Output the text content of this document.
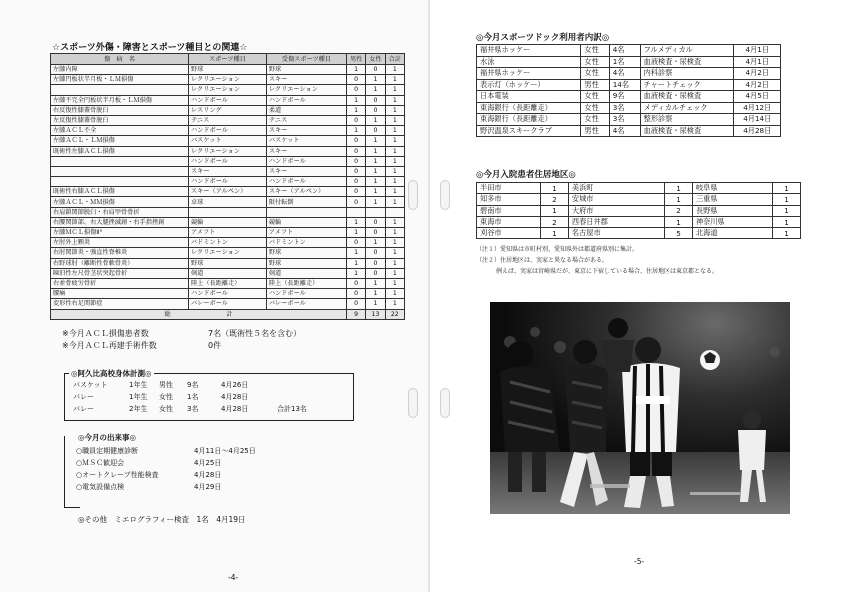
☆スポーツ外傷・障害とスポーツ種目との関連☆
傷　病　名	スポーツ種目	受傷スポーツ種目	男性	女性	合計
左膝内障	野球	野球	1	0	1
左膝円板状半月板・ＬＭ損傷	レクリエーション	スキー	0	1	1
	レクリエーション	レクリエーション	0	1	1
左膝不完全円板状半月板・ＬＭ損傷	ハンドボール	ハンドボール	1	0	1
右反復性膝蓋骨脱臼	レスリング	柔道	1	0	1
左反復性膝蓋骨脱臼	テニス	テニス	0	1	1
左膝ＡＣＬ不全	ハンドボール	スキー	1	0	1
左膝ＡＣＬ・ＬＭ損傷	バスケット	バスケット	0	1	1
既術性左膝ＡＣＬ損傷	レクリエーション	スキー	0	1	1
	ハンドボール	ハンドボール	0	1	1
	スキー	スキー	0	1	1
	ハンドボール	ハンドボール	0	1	1
既術性右膝ＡＣＬ損傷	スキー（アルペン）	スキー（アルペン）	0	1	1
左膝ＡＣＬ・ＭＭ損傷	卓球	限付転倒	0	1	1
右肩鎖関節脱臼・右肩甲骨骨折					
右腰関節部、右大腿挫滅創・右手指挫創	競輪	競輪	1	0	1
左膝ＭＣＬ損傷Ⅱ°	アメフト	アメフト	1	0	1
左肘外上顆炎	バドミントン	バドミントン	0	1	1
右肘関節炎・強直性脊椎炎	レクリエーション	野球	1	0	1
右野球肘（離断性骨軟骨炎）	野球	野球	1	0	1
陳旧性左尺骨茎状突起骨折	剣道	剣道	1	0	1
右並骨疲労骨折	陸上（長距離走）	陸上（長距離走）	0	1	1
腰痛	ハンドボール	ハンドボール	0	1	1
変形性右足関節症	バレーボール	バレーボール	0	1	1
総　　　　　　　　　計			9	13	22
※今月ＡＣＬ損傷患者数	7名（既術性５名を含む）
※今月ＡＣＬ再建手術件数	0件
◎阿久比高校身体計測◎
バスケット	1年生 男性 9名	4月26日
バレー	1年生 女性 1名	4月28日
バレー	2年生 女性 3名	4月28日	合計13名
◎今月の出来事◎
○職員定期健康診断	4月11日～4月25日
○ＭＳＣ歓迎会	4月25日
○オートクレーブ性能検査	4月28日
○電気設備点検	4月29日
◎その他　ミエログラフィー検査　1名　4月19日
-4-
◎今月スポーツドック利用者内訳◎
福井県ホッケー	女性	4名	フルメディカル	4月1日
水泳	女性	1名	血液検査・尿検査	4月1日
福井県ホッケー	女性	4名	内科診察	4月2日
表示灯（ホッケー）	男性	14名	チャートチェック	4月2日
日本電装	女性	9名	血液検査・尿検査	4月5日
東海銀行（長距離走）	女性	3名	メディカルチェック	4月12日
東海銀行（長距離走）	女性	3名	整形診察	4月14日
野沢温泉スキークラブ	男性	4名	血液検査・尿検査	4月28日
◎今月入院患者住居地区◎
半田市	1	美浜町	1	岐阜県	1
知多市	2	安城市	1	三重県	1
碧南市	1	大府市	2	長野県	1
東海市	2	西春日井郡	1	神奈川県	1
刈谷市	1	名古屋市	5	北海道	1
（注１）愛知県は市町村別、愛知県外は都道府県別に集計。
（注２）住居地区は、実家と異なる場合がある。
例えば、実家は宮崎県だが、東京に下宿している場合、住居地区は東京都となる。
-5-
